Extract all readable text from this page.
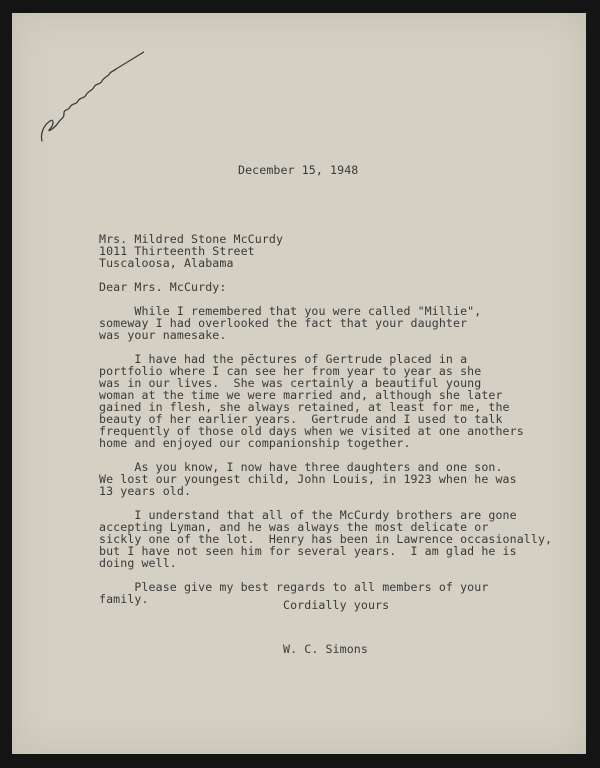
December 15, 1948
Mrs. Mildred Stone McCurdy
1011 Thirteenth Street
Tuscaloosa, Alabama
Dear Mrs. McCurdy:
While I remembered that you were called "Millie",
someway I had overlooked the fact that your daughter
was your namesake.
I have had the pēctures of Gertrude placed in a
portfolio where I can see her from year to year as she
was in our lives.  She was certainly a beautiful young
woman at the time we were married and, although she later
gained in flesh, she always retained, at least for me, the
beauty of her earlier years.  Gertrude and I used to talk
frequently of those old days when we visited at one anothers
home and enjoyed our companionship together.
As you know, I now have three daughters and one son.
We lost our youngest child, John Louis, in 1923 when he was
13 years old.
I understand that all of the McCurdy brothers are gone
accepting Lyman, and he was always the most delicate or
sickly one of the lot.  Henry has been in Lawrence occasionally,
but I have not seen him for several years.  I am glad he is
doing well.
Please give my best regards to all members of your
family.	Cordially yours
W. C. Simons
